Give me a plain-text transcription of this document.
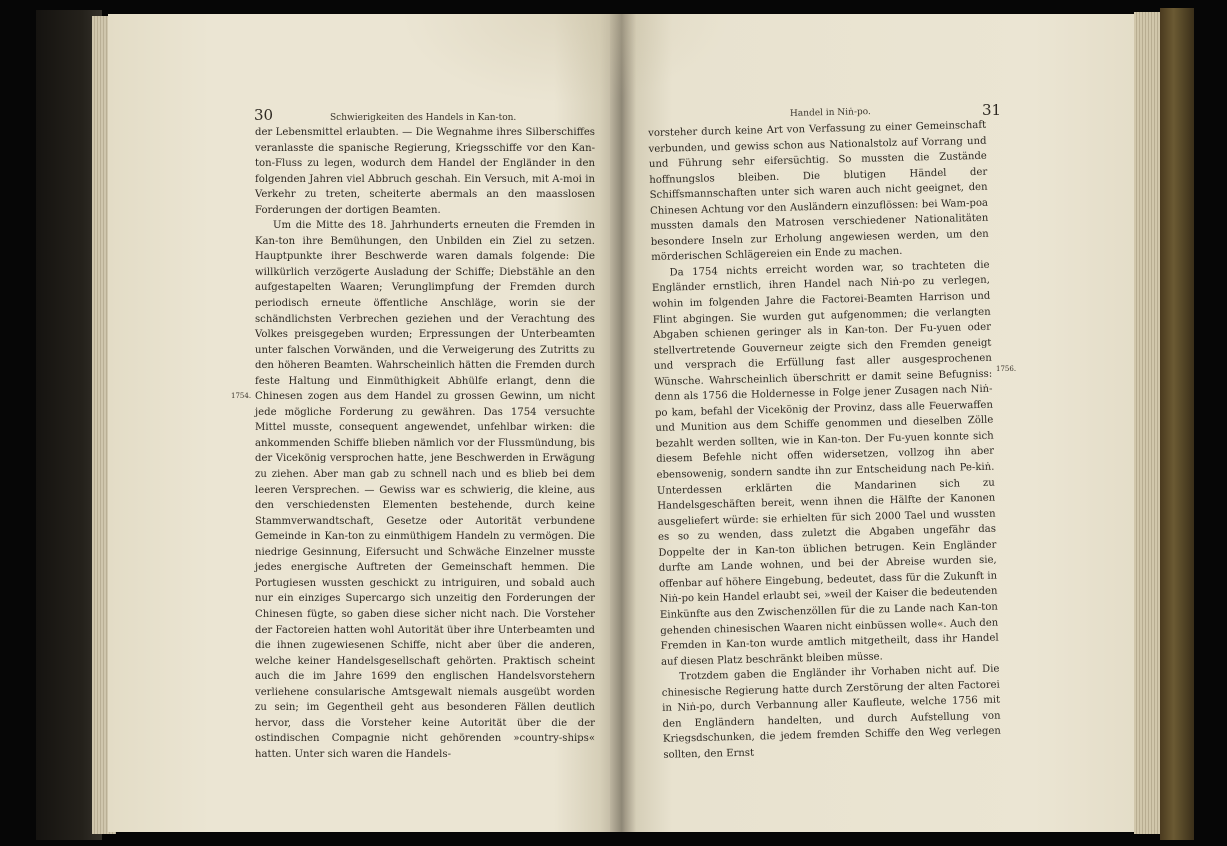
30	Schwierigkeiten des Handels in Kan-ton.
1754.

der Lebensmittel erlaubten. — Die Wegnahme ihres Silberschiffes veranlasste die spanische Regierung, Kriegsschiffe vor den Kan-ton-Fluss zu legen, wodurch dem Handel der Engländer in den folgenden Jahren viel Abbruch geschah. Ein Versuch, mit A-moi in Verkehr zu treten, scheiterte abermals an den maasslosen Forderungen der dortigen Beamten.

Um die Mitte des 18. Jahrhunderts erneuten die Fremden in Kan-ton ihre Bemühungen, den Unbilden ein Ziel zu setzen. Hauptpunkte ihrer Beschwerde waren damals folgende: Die willkürlich verzögerte Ausladung der Schiffe; Diebstähle an den aufgestapelten Waaren; Verunglimpfung der Fremden durch periodisch erneute öffentliche Anschläge, worin sie der schändlichsten Verbrechen geziehen und der Verachtung des Volkes preisgegeben wurden; Erpressungen der Unterbeamten unter falschen Vorwänden, und die Verweigerung des Zutritts zu den höheren Beamten. Wahrscheinlich hätten die Fremden durch feste Haltung und Einmüthigkeit Abhülfe erlangt, denn die Chinesen zogen aus dem Handel zu grossen Gewinn, um nicht jede mögliche Forderung zu gewähren. Das 1754 versuchte Mittel musste, consequent angewendet, unfehlbar wirken: die ankommenden Schiffe blieben nämlich vor der Flussmündung, bis der Vicekönig versprochen hatte, jene Beschwerden in Erwägung zu ziehen. Aber man gab zu schnell nach und es blieb bei dem leeren Versprechen. — Gewiss war es schwierig, die kleine, aus den verschiedensten Elementen bestehende, durch keine Stammverwandtschaft, Gesetze oder Autorität verbundene Gemeinde in Kan-ton zu einmüthigem Handeln zu vermögen. Die niedrige Gesinnung, Eifersucht und Schwäche Einzelner musste jedes energische Auftreten der Gemeinschaft hemmen. Die Portugiesen wussten geschickt zu intriguiren, und sobald auch nur ein einziges Supercargo sich unzeitig den Forderungen der Chinesen fügte, so gaben diese sicher nicht nach. Die Vorsteher der Factoreien hatten wohl Autorität über ihre Unterbeamten und die ihnen zugewiesenen Schiffe, nicht aber über die anderen, welche keiner Handelsgesellschaft gehörten. Praktisch scheint auch die im Jahre 1699 den englischen Handelsvorstehern verliehene consularische Amtsgewalt niemals ausgeübt worden zu sein; im Gegentheil geht aus besonderen Fällen deutlich hervor, dass die Vorsteher keine Autorität über die der ostindischen Compagnie nicht gehörenden »country-ships« hatten. Unter sich waren die Handels-

Handel in Niṅ-po.	31
1756.

vorsteher durch keine Art von Verfassung zu einer Gemeinschaft verbunden, und gewiss schon aus Nationalstolz auf Vorrang und und Führung sehr eifersüchtig. So mussten die Zustände hoffnungslos bleiben. Die blutigen Händel der Schiffsmannschaften unter sich waren auch nicht geeignet, den Chinesen Achtung vor den Ausländern einzuflössen: bei Wam-poa mussten damals den Matrosen verschiedener Nationalitäten besondere Inseln zur Erholung angewiesen werden, um den mörderischen Schlägereien ein Ende zu machen.

Da 1754 nichts erreicht worden war, so trachteten die Engländer ernstlich, ihren Handel nach Niṅ-po zu verlegen, wohin im folgenden Jahre die Factorei-Beamten Harrison und Flint abgingen. Sie wurden gut aufgenommen; die verlangten Abgaben schienen geringer als in Kan-ton. Der Fu-yuen oder stellvertretende Gouverneur zeigte sich den Fremden geneigt und versprach die Erfüllung fast aller ausgesprochenen Wünsche. Wahrscheinlich überschritt er damit seine Befugniss: denn als 1756 die Holdernesse in Folge jener Zusagen nach Niṅ-po kam, befahl der Vicekönig der Provinz, dass alle Feuerwaffen und Munition aus dem Schiffe genommen und dieselben Zölle bezahlt werden sollten, wie in Kan-ton. Der Fu-yuen konnte sich diesem Befehle nicht offen widersetzen, vollzog ihn aber ebensowenig, sondern sandte ihn zur Entscheidung nach Pe-kiṅ. Unterdessen erklärten die Mandarinen sich zu Handelsgeschäften bereit, wenn ihnen die Hälfte der Kanonen ausgeliefert würde: sie erhielten für sich 2000 Tael und wussten es so zu wenden, dass zuletzt die Abgaben ungefähr das Doppelte der in Kan-ton üblichen betrugen. Kein Engländer durfte am Lande wohnen, und bei der Abreise wurden sie, offenbar auf höhere Eingebung, bedeutet, dass für die Zukunft in Niṅ-po kein Handel erlaubt sei, »weil der Kaiser die bedeutenden Einkünfte aus den Zwischenzöllen für die zu Lande nach Kan-ton gehenden chinesischen Waaren nicht einbüssen wolle«. Auch den Fremden in Kan-ton wurde amtlich mitgetheilt, dass ihr Handel auf diesen Platz beschränkt bleiben müsse.

Trotzdem gaben die Engländer ihr Vorhaben nicht auf. Die chinesische Regierung hatte durch Zerstörung der alten Factorei in Niṅ-po, durch Verbannung aller Kaufleute, welche 1756 mit den Engländern handelten, und durch Aufstellung von Kriegsdschunken, die jedem fremden Schiffe den Weg verlegen sollten, den Ernst
